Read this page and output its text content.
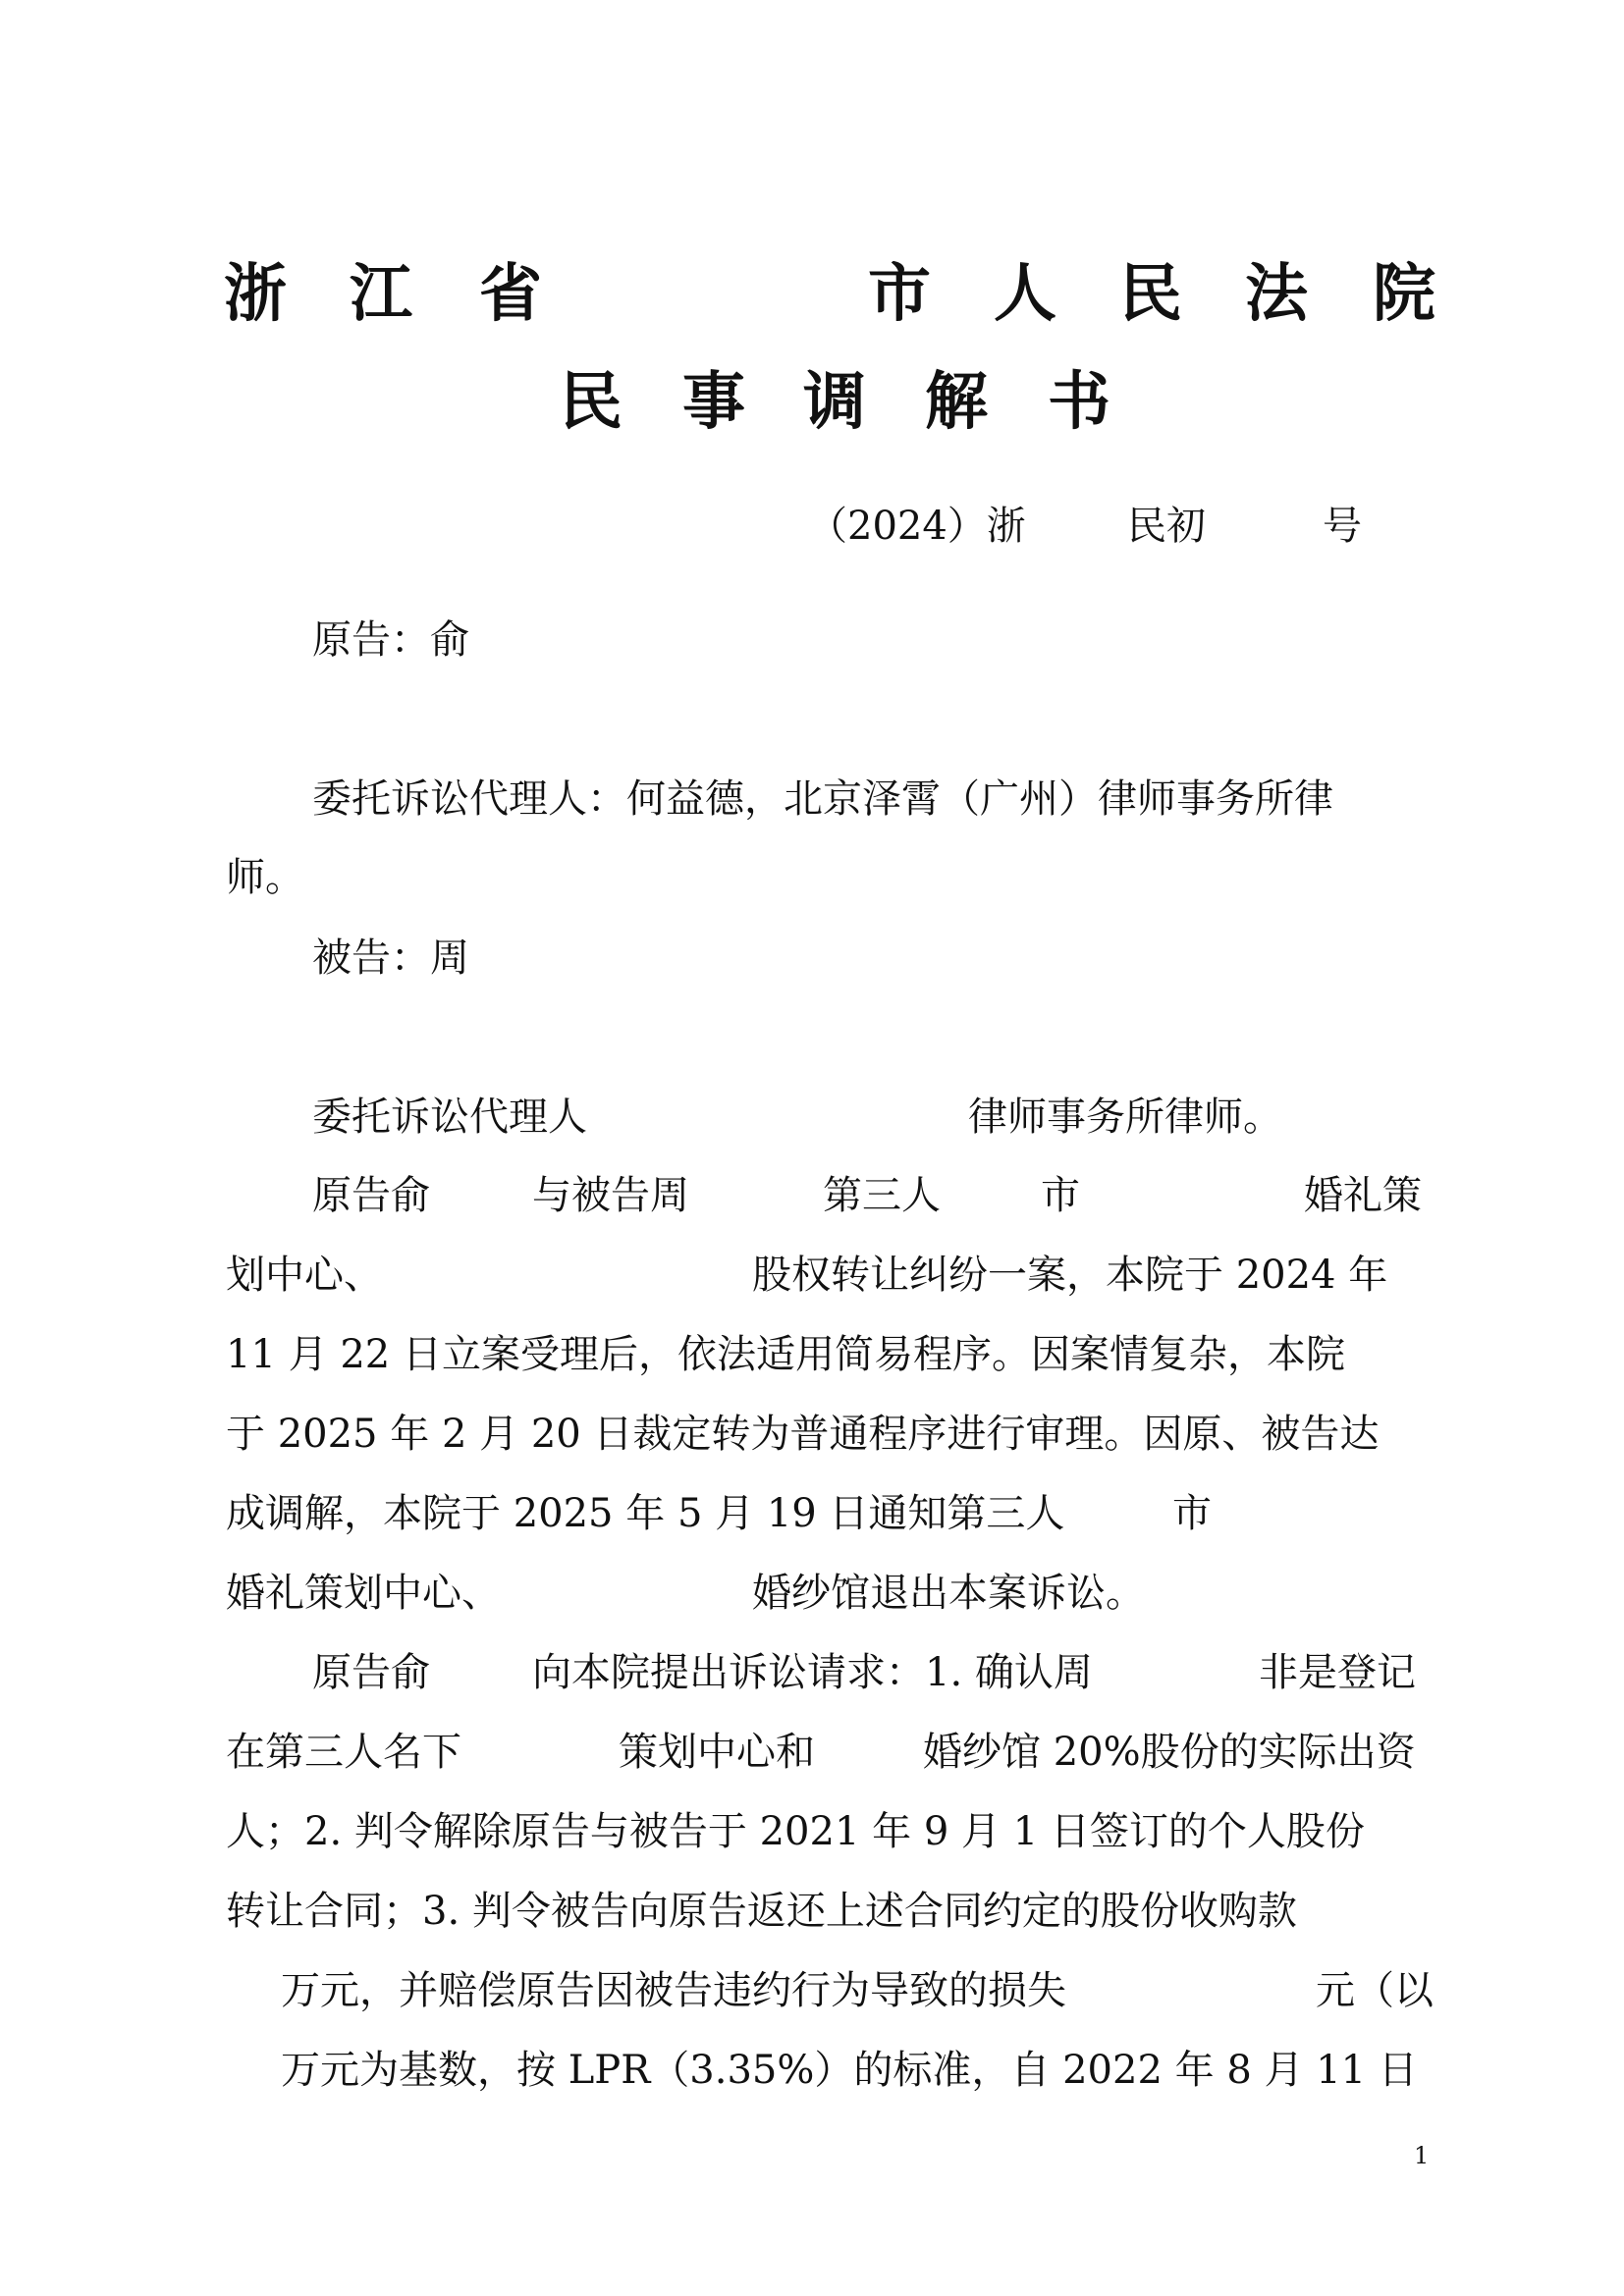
浙 江 省	市 人 民 法 院
民 事 调 解 书
（2024）浙	民初	号
原告：俞
委托诉讼代理人：何益德，北京泽霄（广州）律师事务所律
师。
被告：周
委托诉讼代理人	律师事务所律师。
原告俞	与被告周	第三人	市	婚礼策
划中心、	股权转让纠纷一案，本院于 2024 年
11 月 22 日立案受理后，依法适用简易程序。因案情复杂，本院
于 2025 年 2 月 20 日裁定转为普通程序进行审理。因原、被告达
成调解，本院于 2025 年 5 月 19 日通知第三人	市
婚礼策划中心、	婚纱馆退出本案诉讼。
原告俞	向本院提出诉讼请求：1. 确认周	非是登记
在第三人名下	策划中心和	婚纱馆 20%股份的实际出资
人；2. 判令解除原告与被告于 2021 年 9 月 1 日签订的个人股份
转让合同；3. 判令被告向原告返还上述合同约定的股份收购款
万元，并赔偿原告因被告违约行为导致的损失	元（以
万元为基数，按 LPR（3.35%）的标准，自 2022 年 8 月 11 日
1
